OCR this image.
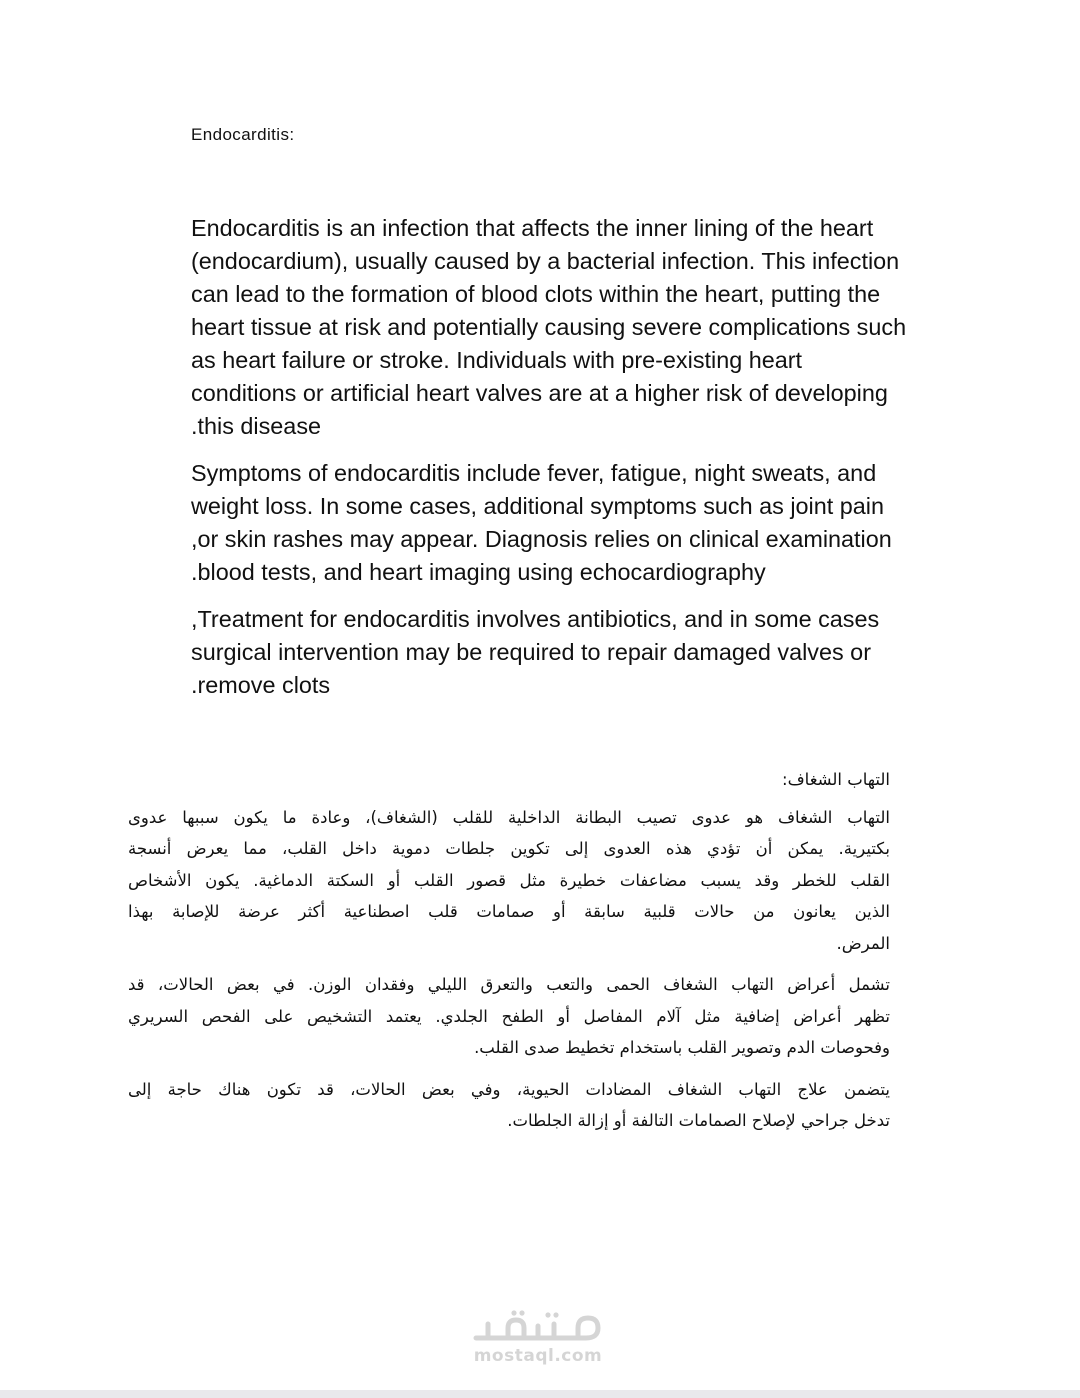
Endocarditis:

Endocarditis is an infection that affects the inner lining of the heart
(endocardium), usually caused by a bacterial infection. This infection
can lead to the formation of blood clots within the heart, putting the
heart tissue at risk and potentially causing severe complications such
as heart failure or stroke. Individuals with pre-existing heart
conditions or artificial heart valves are at a higher risk of developing
.this disease

Symptoms of endocarditis include fever, fatigue, night sweats, and
weight loss. In some cases, additional symptoms such as joint pain
,or skin rashes may appear. Diagnosis relies on clinical examination
.blood tests, and heart imaging using echocardiography

,Treatment for endocarditis involves antibiotics, and in some cases
surgical intervention may be required to repair damaged valves or
.remove clots

التهاب الشغاف:

التهاب الشغاف هو عدوى تصيب البطانة الداخلية للقلب (الشغاف)، وعادة ما يكون سببها عدوى
بكتيرية. يمكن أن تؤدي هذه العدوى إلى تكوين جلطات دموية داخل القلب، مما يعرض أنسجة
القلب للخطر وقد يسبب مضاعفات خطيرة مثل قصور القلب أو السكتة الدماغية. يكون الأشخاص
الذين يعانون من حالات قلبية سابقة أو صمامات قلب اصطناعية أكثر عرضة للإصابة بهذا
المرض.

تشمل أعراض التهاب الشغاف الحمى والتعب والتعرق الليلي وفقدان الوزن. في بعض الحالات، قد
تظهر أعراض إضافية مثل آلام المفاصل أو الطفح الجلدي. يعتمد التشخيص على الفحص السريري
وفحوصات الدم وتصوير القلب باستخدام تخطيط صدى القلب.

يتضمن علاج التهاب الشغاف المضادات الحيوية، وفي بعض الحالات، قد تكون هناك حاجة إلى
تدخل جراحي لإصلاح الصمامات التالفة أو إزالة الجلطات.

mostaql.com
